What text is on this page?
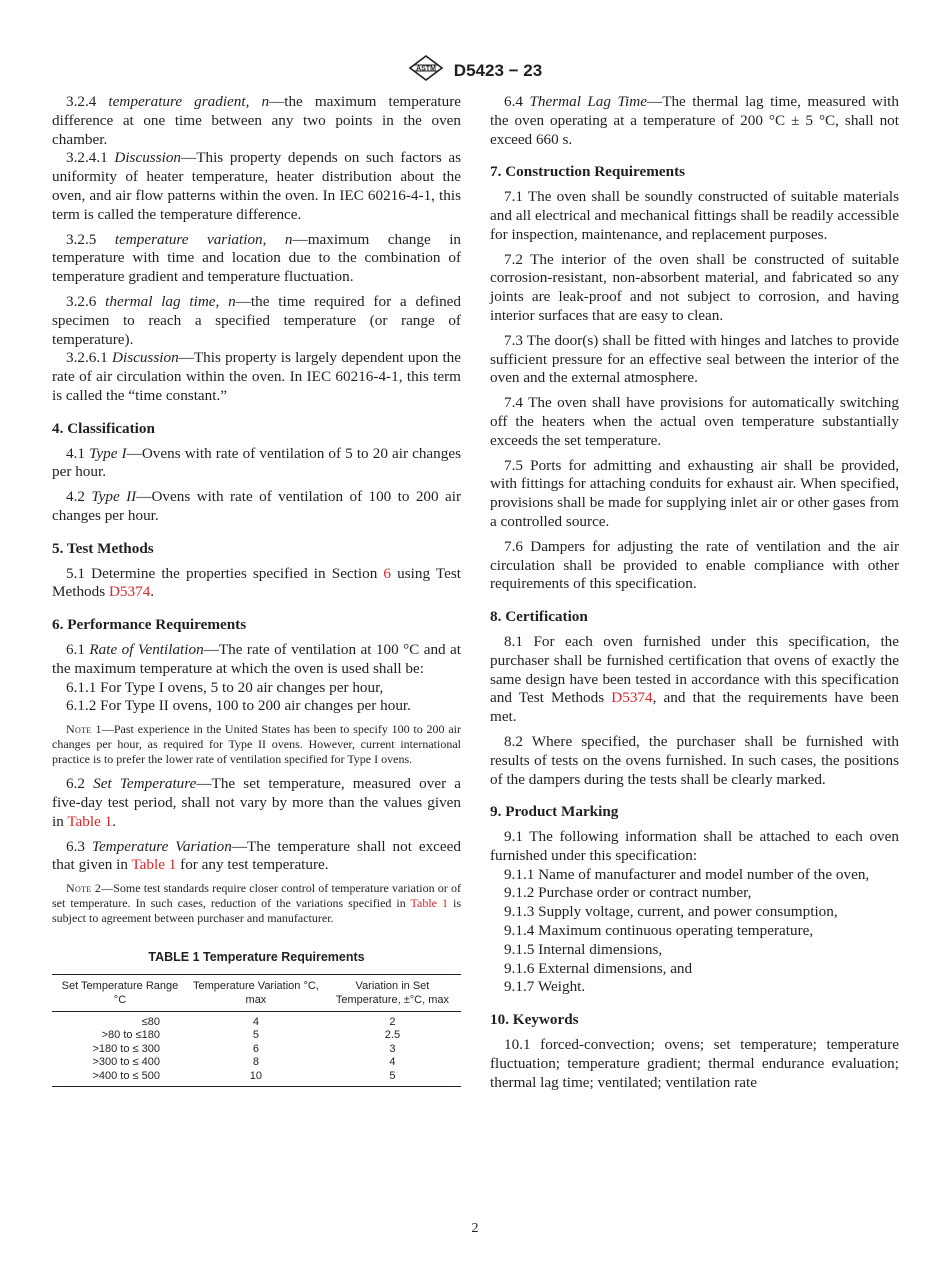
ASTM D5423 − 23

3.2.4 temperature gradient, n—the maximum temperature difference at one time between any two points in the oven chamber.

3.2.4.1 Discussion—This property depends on such factors as uniformity of heater temperature, heater distribution about the oven, and air flow patterns within the oven. In IEC 60216-4-1, this term is called the temperature difference.

3.2.5 temperature variation, n—maximum change in temperature with time and location due to the combination of temperature gradient and temperature fluctuation.

3.2.6 thermal lag time, n—the time required for a defined specimen to reach a specified temperature (or range of temperature).

3.2.6.1 Discussion—This property is largely dependent upon the rate of air circulation within the oven. In IEC 60216-4-1, this term is called the “time constant.”

4. Classification

4.1 Type I—Ovens with rate of ventilation of 5 to 20 air changes per hour.

4.2 Type II—Ovens with rate of ventilation of 100 to 200 air changes per hour.

5. Test Methods

5.1 Determine the properties specified in Section 6 using Test Methods D5374.

6. Performance Requirements

6.1 Rate of Ventilation—The rate of ventilation at 100 °C and at the maximum temperature at which the oven is used shall be:

6.1.1 For Type I ovens, 5 to 20 air changes per hour,

6.1.2 For Type II ovens, 100 to 200 air changes per hour.

Note 1—Past experience in the United States has been to specify 100 to 200 air changes per hour, as required for Type II ovens. However, current international practice is to prefer the lower rate of ventilation specified for Type I ovens.

6.2 Set Temperature—The set temperature, measured over a five-day test period, shall not vary by more than the values given in Table 1.

6.3 Temperature Variation—The temperature shall not exceed that given in Table 1 for any test temperature.

Note 2—Some test standards require closer control of temperature variation or of set temperature. In such cases, reduction of the variations specified in Table 1 is subject to agreement between purchaser and manufacturer.
TABLE 1 Temperature Requirements
Set Temperature Range °C	Temperature Variation °C, max	Variation in Set Temperature, ±°C, max
≤80	4	2
>80 to ≤180	5	2.5
>180 to ≤ 300	6	3
>300 to ≤ 400	8	4
>400 to ≤ 500	10	5

6.4 Thermal Lag Time—The thermal lag time, measured with the oven operating at a temperature of 200 °C ± 5 °C, shall not exceed 660 s.

7. Construction Requirements

7.1 The oven shall be soundly constructed of suitable materials and all electrical and mechanical fittings shall be readily accessible for inspection, maintenance, and replacement purposes.

7.2 The interior of the oven shall be constructed of suitable corrosion-resistant, non-absorbent material, and fabricated so any joints are leak-proof and not subject to corrosion, and having interior surfaces that are easy to clean.

7.3 The door(s) shall be fitted with hinges and latches to provide sufficient pressure for an effective seal between the interior of the oven and the external atmosphere.

7.4 The oven shall have provisions for automatically switching off the heaters when the actual oven temperature substantially exceeds the set temperature.

7.5 Ports for admitting and exhausting air shall be provided, with fittings for attaching conduits for exhaust air. When specified, provisions shall be made for supplying inlet air or other gases from a controlled source.

7.6 Dampers for adjusting the rate of ventilation and the air circulation shall be provided to enable compliance with other requirements of this specification.

8. Certification

8.1 For each oven furnished under this specification, the purchaser shall be furnished certification that ovens of exactly the same design have been tested in accordance with this specification and Test Methods D5374, and that the requirements have been met.

8.2 Where specified, the purchaser shall be furnished with results of tests on the ovens furnished. In such cases, the positions of the dampers during the tests shall be clearly marked.

9. Product Marking

9.1 The following information shall be attached to each oven furnished under this specification:

9.1.1 Name of manufacturer and model number of the oven,

9.1.2 Purchase order or contract number,

9.1.3 Supply voltage, current, and power consumption,

9.1.4 Maximum continuous operating temperature,

9.1.5 Internal dimensions,

9.1.6 External dimensions, and

9.1.7 Weight.

10. Keywords

10.1 forced-convection; ovens; set temperature; temperature fluctuation; temperature gradient; thermal endurance evaluation; thermal lag time; ventilated; ventilation rate

2
